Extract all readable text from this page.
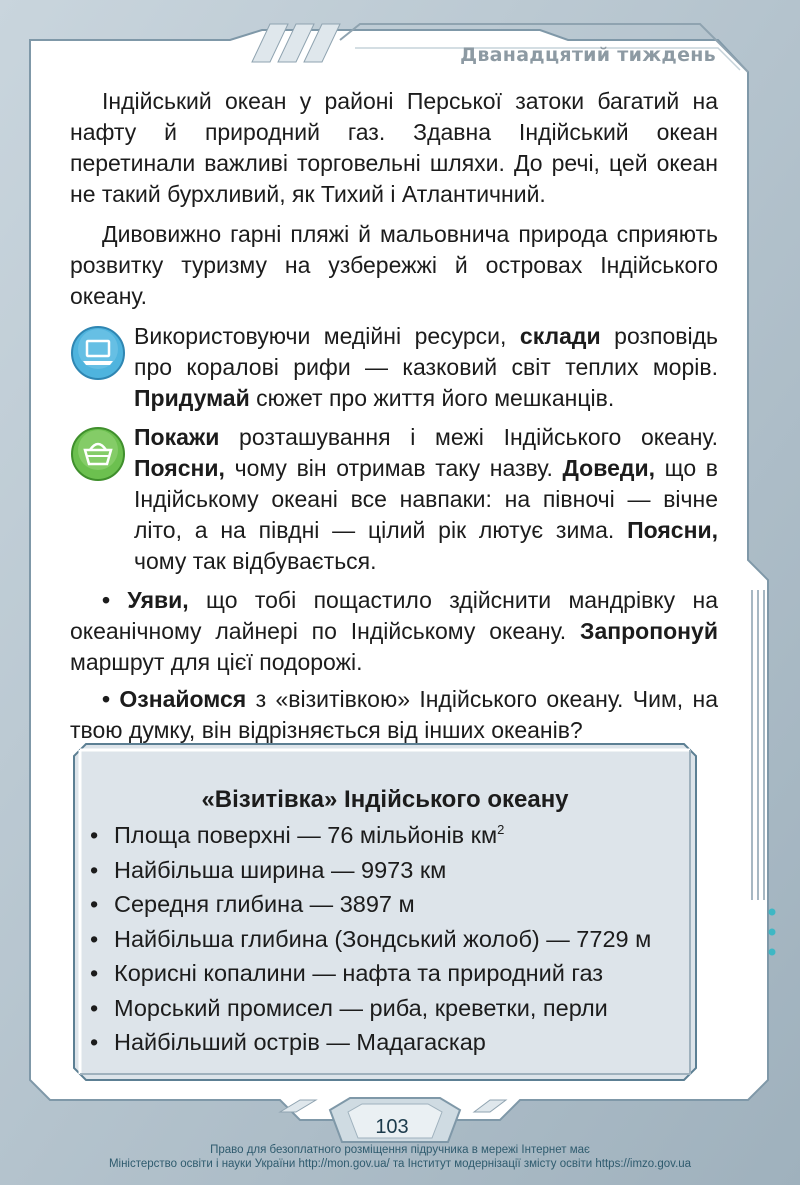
Дванадцятий тиждень

Індійський океан у районі Перської затоки багатий на нафту й природний газ. Здавна Індійський океан перетинали важливі торговельні шляхи. До речі, цей океан не такий бурхливий, як Тихий і Атлантичний.

Дивовижно гарні пляжі й мальовнича природа сприяють розвитку туризму на узбережжі й островах Індійського океану.

Використовуючи медійні ресурси, склади розповідь про коралові рифи — казковий світ теплих морів. Придумай сюжет про життя його мешканців.

Покажи розташування і межі Індійського океану. Поясни, чому він отримав таку назву. Доведи, що в Індійському океані все навпаки: на півночі — вічне літо, а на півдні — цілий рік лютує зима. Поясни, чому так відбувається.

• Уяви, що тобі пощастило здійснити мандрівку на океанічному лайнері по Індійському океану. Запропонуй маршрут для цієї подорожі.

• Ознайомся з «візитівкою» Індійського океану. Чим, на твою думку, він відрізняється від інших океанів?

«Візитівка» Індійського океану
• Площа поверхні — 76 мільйонів $км^2$
• Найбільша ширина — 9973 км
• Середня глибина — 3897 м
• Найбільша глибина (Зондський жолоб) — 7729 м
• Корисні копалини — нафта та природний газ
• Морський промисел — риба, креветки, перли
• Найбільший острів — Мадагаскар
103
Право для безоплатного розміщення підручника в мережі Інтернет має
Міністерство освіти і науки України http://mon.gov.ua/ та Інститут модернізації змісту освіти https://imzo.gov.ua
